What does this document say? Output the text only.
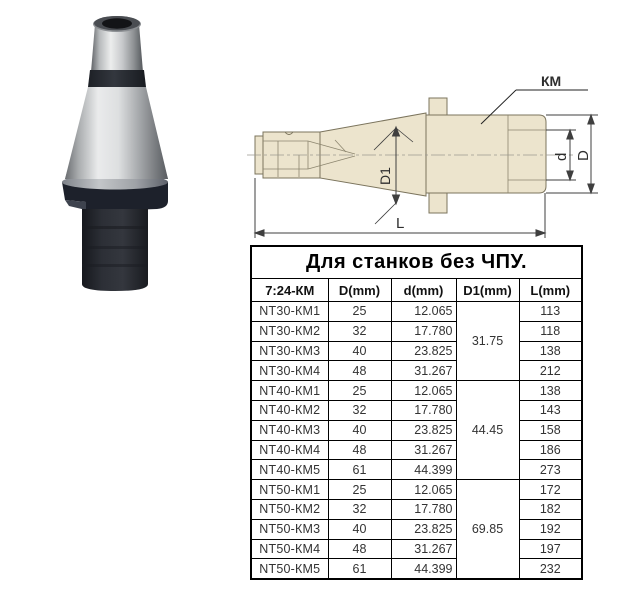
D1
L
d D
КМ
Для станков без ЧПУ.				
7:24-КМ	D(mm)	d(mm)	D1(mm)	L(mm)
NT30-КМ1	25	12.065	31.75	113
NT30-КМ2	32	17.780		118
NT30-КМ3	40	23.825		138
NT30-КМ4	48	31.267		212
NT40-КМ1	25	12.065	44.45	138
NT40-КМ2	32	17.780		143
NT40-КМ3	40	23.825		158
NT40-КМ4	48	31.267		186
NT40-КМ5	61	44.399		273
NT50-КМ1	25	12.065	69.85	172
NT50-КМ2	32	17.780		182
NT50-КМ3	40	23.825		192
NT50-КМ4	48	31.267		197
NT50-КМ5	61	44.399		232
